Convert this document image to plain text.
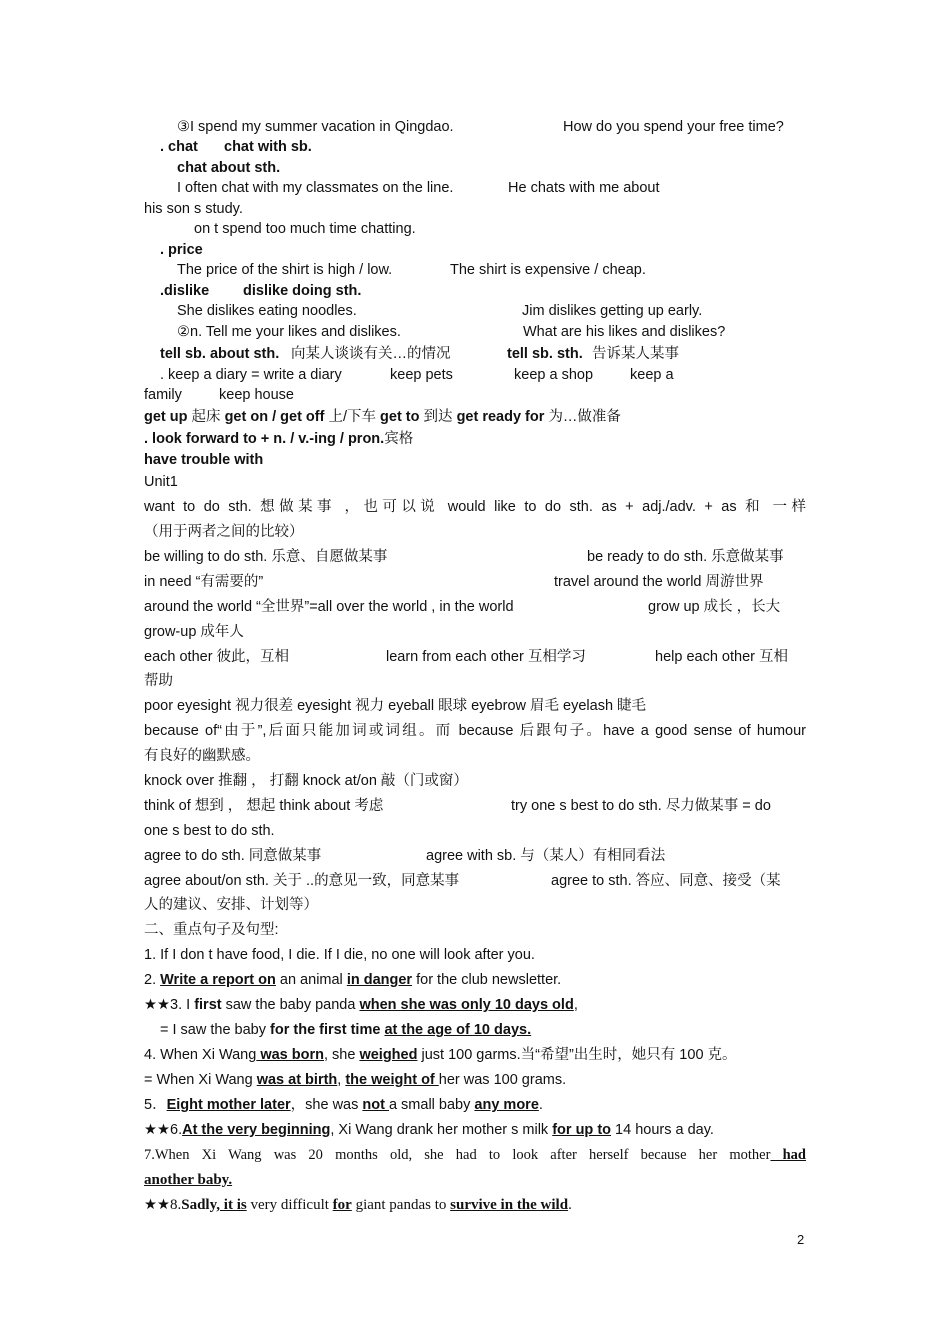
③I spend my summer vacation in Qingdao.	How do you spend your free time?
. chat chat with sb.
chat about sth.
I often chat with my classmates on the line.	He chats with me about
his son s study.
on t spend too much time chatting.
. price
The price of the shirt is high / low.	The shirt is expensive / cheap.
.dislike dislike doing sth.
She dislikes eating noodles.	Jim dislikes getting up early.
②n. Tell me your likes and dislikes.	What are his likes and dislikes?
tell sb. about sth. 向某人谈谈有关…的情况	tell sb. sth. 告诉某人某事
. keep a diary = write a diary	keep pets	keep a shop	keep a
family	keep house
get up 起床 get on / get off 上/下车 get to 到达 get ready for 为…做准备
. look forward to + n. / v.-ing / pron.宾格
have trouble with
Unit1
want to do sth. 想做某事 ，也可以说 would like to do sth. as + adj./adv. + as 和 一样
（用于两者之间的比较）
be willing to do sth. 乐意、自愿做某事	be ready to do sth. 乐意做某事
in need “有需要的”	travel around the world 周游世界
around the world “全世界”=all over the world , in the world	grow up 成长 ，长大
grow-up 成年人
each other 彼此，互相	learn from each other 互相学习	help each other 互相
帮助
poor eyesight 视力很差 eyesight 视力 eyeball 眼球 eyebrow 眉毛 eyelash 睫毛
because of“由于”,后面只能加词或词组。而 because 后跟句子。have a good sense of humour
有良好的幽默感。
knock over 推翻 ， 打翻 knock at/on 敲（门或窗）
think of 想到 ， 想起 think about 考虑	try one s best to do sth. 尽力做某事 = do
one s best to do sth.
agree to do sth. 同意做某事	agree with sb. 与（某人）有相同看法
agree about/on sth. 关于 ..的意见一致，同意某事	agree to sth. 答应、同意、接受（某
人的建议、安排、计划等）
二、重点句子及句型:
1. If I don t have food, I die. If I die, no one will look after you.
2. Write a report on an animal in danger for the club newsletter.
★★3. I first saw the baby panda when she was only 10 days old,
= I saw the baby for the first time at the age of 10 days.
4. When Xi Wang was born, she weighed just 100 garms.当“希望”出生时，她只有 100 克。
= When Xi Wang was at birth, the weight of her was 100 grams.
5．Eight mother later，she was not a small baby any more.
★★6.At the very beginning, Xi Wang drank her mother s milk for up to 14 hours a day.
7.When Xi Wang was 20 months old, she had to look after herself because her mother had
another baby.
★★8.Sadly, it is very difficult for giant pandas to survive in the wild.
2
